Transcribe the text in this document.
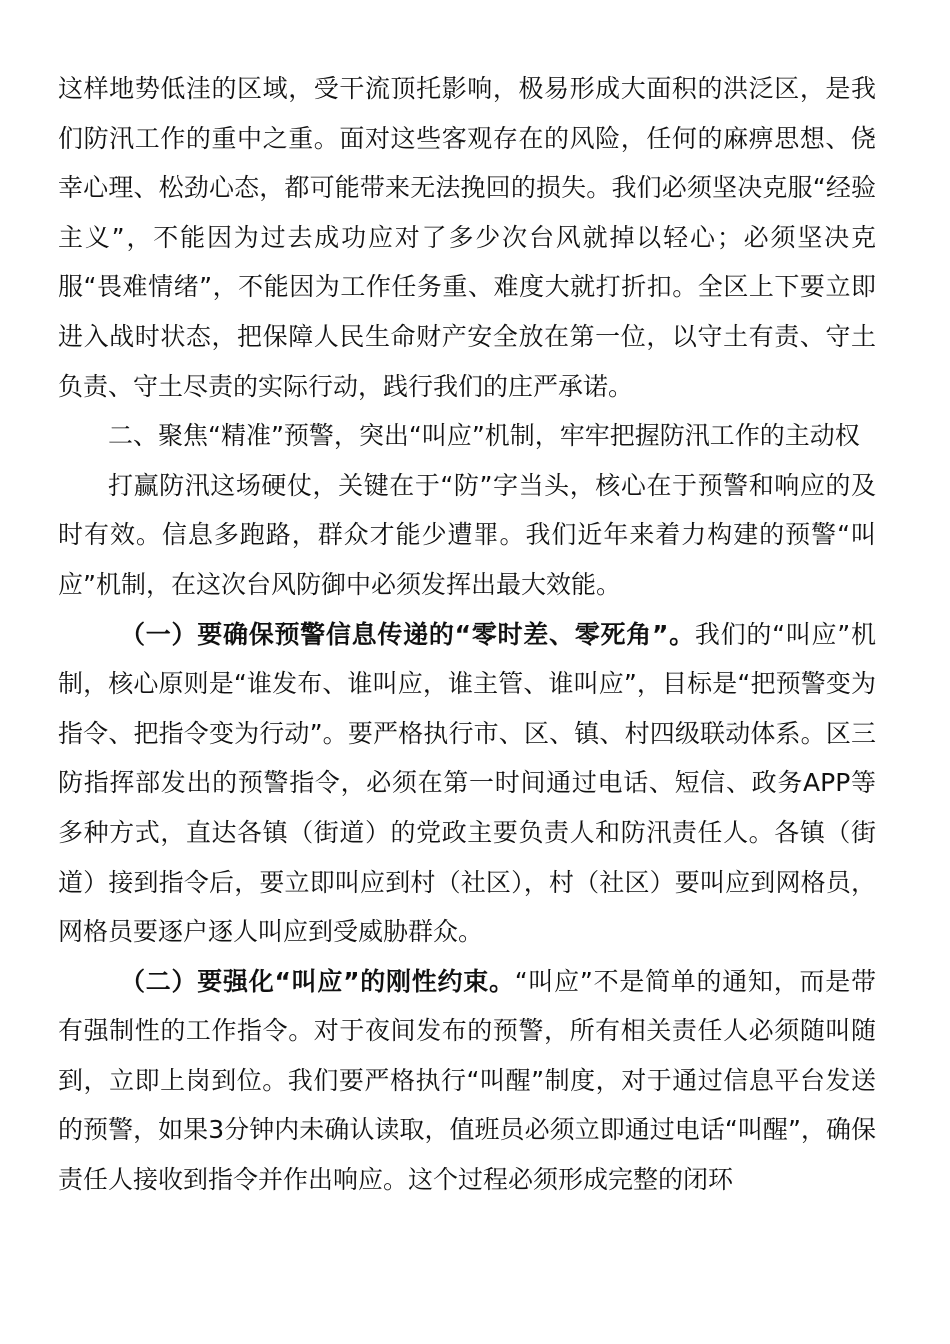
这样地势低洼的区域，受干流顶托影响，极易形成大面积的洪泛区，是我们防汛工作的重中之重。面对这些客观存在的风险，任何的麻痹思想、侥幸心理、松劲心态，都可能带来无法挽回的损失。我们必须坚决克服“经验主义”，不能因为过去成功应对了多少次台风就掉以轻心；必须坚决克服“畏难情绪”，不能因为工作任务重、难度大就打折扣。全区上下要立即进入战时状态，把保障人民生命财产安全放在第一位，以守土有责、守土负责、守土尽责的实际行动，践行我们的庄严承诺。

二、聚焦“精准”预警，突出“叫应”机制，牢牢把握防汛工作的主动权

打赢防汛这场硬仗，关键在于“防”字当头，核心在于预警和响应的及时有效。信息多跑路，群众才能少遭罪。我们近年来着力构建的预警“叫应”机制，在这次台风防御中必须发挥出最大效能。

（一）要确保预警信息传递的“零时差、零死角”。我们的“叫应”机制，核心原则是“谁发布、谁叫应，谁主管、谁叫应”，目标是“把预警变为指令、把指令变为行动”。要严格执行市、区、镇、村四级联动体系。区三防指挥部发出的预警指令，必须在第一时间通过电话、短信、政务APP等多种方式，直达各镇（街道）的党政主要负责人和防汛责任人。各镇（街道）接到指令后，要立即叫应到村（社区），村（社区）要叫应到网格员，网格员要逐户逐人叫应到受威胁群众。

（二）要强化“叫应”的刚性约束。“叫应”不是简单的通知，而是带有强制性的工作指令。对于夜间发布的预警，所有相关责任人必须随叫随到，立即上岗到位。我们要严格执行“叫醒”制度，对于通过信息平台发送的预警，如果3分钟内未确认读取，值班员必须立即通过电话“叫醒”，确保责任人接收到指令并作出响应。这个过程必须形成完整的闭环
